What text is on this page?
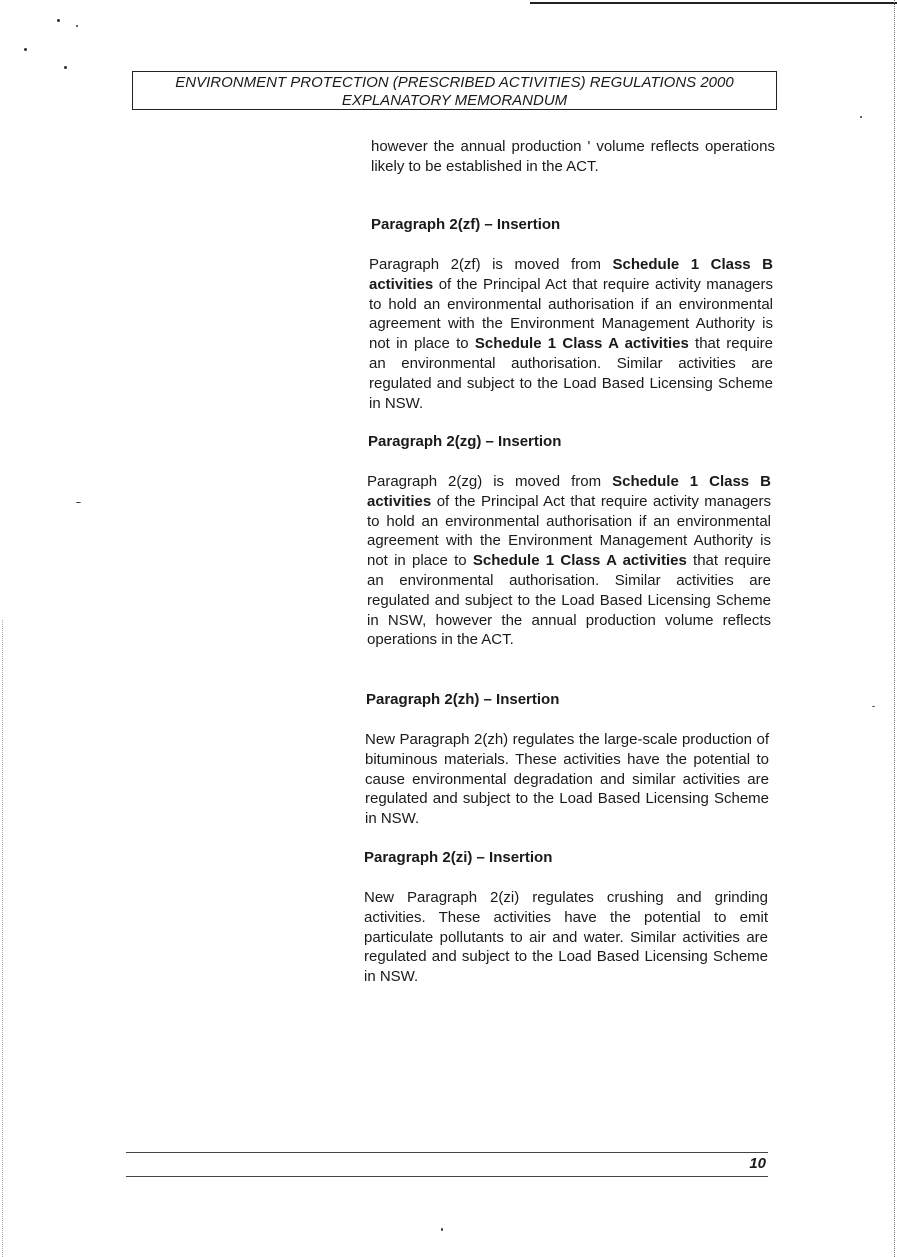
ENVIRONMENT PROTECTION (PRESCRIBED ACTIVITIES) REGULATIONS 2000
EXPLANATORY MEMORANDUM

however the annual production ' volume reflects operations likely to be established in the ACT.

Paragraph 2(zf) – Insertion

Paragraph 2(zf) is moved from Schedule 1 Class B activities of the Principal Act that require activity managers to hold an environmental authorisation if an environmental agreement with the Environment Management Authority is not in place to Schedule 1 Class A activities that require an environmental authorisation. Similar activities are regulated and subject to the Load Based Licensing Scheme in NSW.

Paragraph 2(zg) – Insertion

Paragraph 2(zg) is moved from Schedule 1 Class B activities of the Principal Act that require activity managers to hold an environmental authorisation if an environmental agreement with the Environment Management Authority is not in place to Schedule 1 Class A activities that require an environmental authorisation. Similar activities are regulated and subject to the Load Based Licensing Scheme in NSW, however the annual production volume reflects operations in the ACT.

Paragraph 2(zh) – Insertion

New Paragraph 2(zh) regulates the large-scale production of bituminous materials. These activities have the potential to cause environmental degradation and similar activities are regulated and subject to the Load Based Licensing Scheme in NSW.

Paragraph 2(zi) – Insertion

New Paragraph 2(zi) regulates crushing and grinding activities. These activities have the potential to emit particulate pollutants to air and water. Similar activities are regulated and subject to the Load Based Licensing Scheme in NSW.

10
